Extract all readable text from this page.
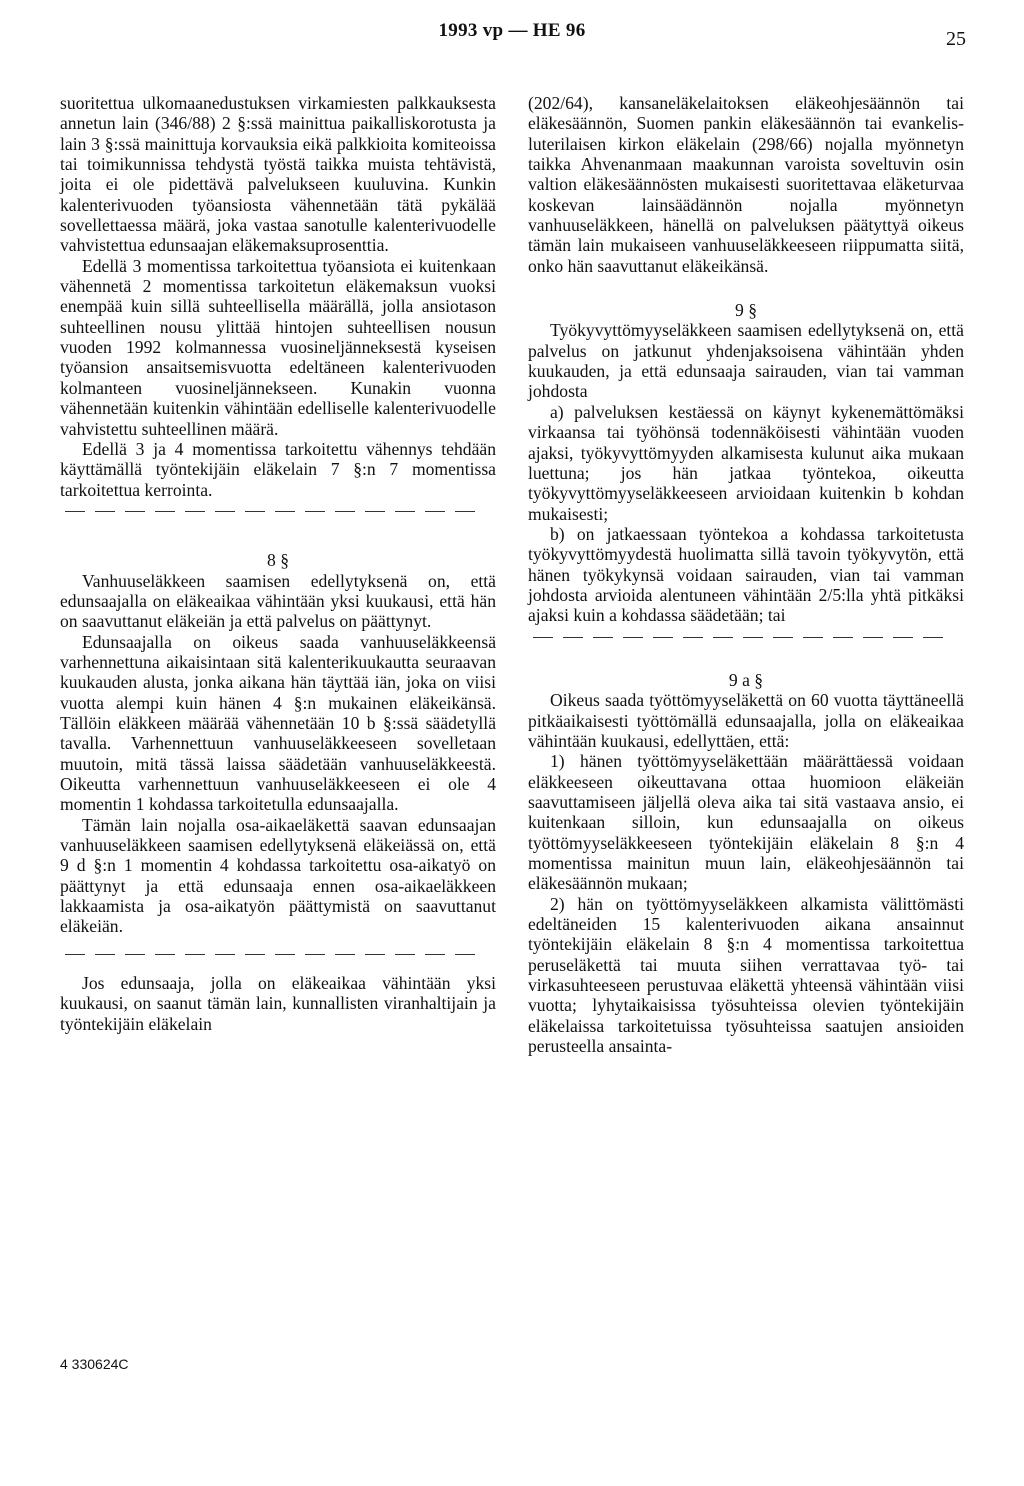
1993 vp — HE 96	25

suoritettua ulkomaanedustuksen virkamiesten palkkauksesta annetun lain (346/88) 2 §:ssä mainittua paikalliskorotusta ja lain 3 §:ssä mainittuja korvauksia eikä palkkioita komiteoissa tai toimikunnissa tehdystä työstä taikka muista tehtävistä, joita ei ole pidettävä palvelukseen kuuluvina. Kunkin kalenterivuoden työansiosta vähennetään tätä pykälää sovellettaessa määrä, joka vastaa sanotulle kalenterivuodelle vahvistettua edunsaajan eläkemaksuprosenttia.

Edellä 3 momentissa tarkoitettua työansiota ei kuitenkaan vähennetä 2 momentissa tarkoitetun eläkemaksun vuoksi enempää kuin sillä suhteellisella määrällä, jolla ansiotason suhteellinen nousu ylittää hintojen suhteellisen nousun vuoden 1992 kolmannessa vuosineljänneksestä kyseisen työansion ansaitsemisvuotta edeltäneen kalenterivuoden kolmanteen vuosineljännekseen. Kunakin vuonna vähennetään kuitenkin vähintään edelliselle kalenterivuodelle vahvistettu suhteellinen määrä.

Edellä 3 ja 4 momentissa tarkoitettu vähennys tehdään käyttämällä työntekijäin eläkelain 7 §:n 7 momentissa tarkoitettua kerrointa.

8 §

Vanhuuseläkkeen saamisen edellytyksenä on, että edunsaajalla on eläkeaikaa vähintään yksi kuukausi, että hän on saavuttanut eläkeiän ja että palvelus on päättynyt.

Edunsaajalla on oikeus saada vanhuuseläkkeensä varhennettuna aikaisintaan sitä kalenterikuukautta seuraavan kuukauden alusta, jonka aikana hän täyttää iän, joka on viisi vuotta alempi kuin hänen 4 §:n mukainen eläkeikänsä. Tällöin eläkkeen määrää vähennetään 10 b §:ssä säädetyllä tavalla. Varhennettuun vanhuuseläkkeeseen sovelletaan muutoin, mitä tässä laissa säädetään vanhuuseläkkeestä. Oikeutta varhennettuun vanhuuseläkkeeseen ei ole 4 momentin 1 kohdassa tarkoitetulla edunsaajalla.

Tämän lain nojalla osa-aikaeläkettä saavan edunsaajan vanhuuseläkkeen saamisen edellytyksenä eläkeiässä on, että 9 d §:n 1 momentin 4 kohdassa tarkoitettu osa-aikatyö on päättynyt ja että edunsaaja ennen osa-aikaeläkkeen lakkaamista ja osa-aikatyön päättymistä on saavuttanut eläkeiän.

Jos edunsaaja, jolla on eläkeaikaa vähintään yksi kuukausi, on saanut tämän lain, kunnallisten viranhaltijain ja työntekijäin eläkelain

(202/64), kansaneläkelaitoksen eläkeohjesäännön tai eläkesäännön, Suomen pankin eläkesäännön tai evankelis-luterilaisen kirkon eläkelain (298/66) nojalla myönnetyn taikka Ahvenanmaan maakunnan varoista soveltuvin osin valtion eläkesäännösten mukaisesti suoritettavaa eläketurvaa koskevan lainsäädännön nojalla myönnetyn vanhuuseläkkeen, hänellä on palveluksen päätyttyä oikeus tämän lain mukaiseen vanhuuseläkkeeseen riippumatta siitä, onko hän saavuttanut eläkeikänsä.

9 §

Työkyvyttömyyseläkkeen saamisen edellytyksenä on, että palvelus on jatkunut yhdenjaksoisena vähintään yhden kuukauden, ja että edunsaaja sairauden, vian tai vamman johdosta

a) palveluksen kestäessä on käynyt kykenemättömäksi virkaansa tai työhönsä todennäköisesti vähintään vuoden ajaksi, työkyvyttömyyden alkamisesta kulunut aika mukaan luettuna; jos hän jatkaa työntekoa, oikeutta työkyvyttömyyseläkkeeseen arvioidaan kuitenkin b kohdan mukaisesti;

b) on jatkaessaan työntekoa a kohdassa tarkoitetusta työkyvyttömyydestä huolimatta sillä tavoin työkyvytön, että hänen työkykynsä voidaan sairauden, vian tai vamman johdosta arvioida alentuneen vähintään 2/5:lla yhtä pitkäksi ajaksi kuin a kohdassa säädetään; tai

9 a §

Oikeus saada työttömyyseläkettä on 60 vuotta täyttäneellä pitkäaikaisesti työttömällä edunsaajalla, jolla on eläkeaikaa vähintään kuukausi, edellyttäen, että:

1) hänen työttömyyseläkettään määrättäessä voidaan eläkkeeseen oikeuttavana ottaa huomioon eläkeiän saavuttamiseen jäljellä oleva aika tai sitä vastaava ansio, ei kuitenkaan silloin, kun edunsaajalla on oikeus työttömyyseläkkeeseen työntekijäin eläkelain 8 §:n 4 momentissa mainitun muun lain, eläkeohjesäännön tai eläkesäännön mukaan;

2) hän on työttömyyseläkkeen alkamista välittömästi edeltäneiden 15 kalenterivuoden aikana ansainnut työntekijäin eläkelain 8 §:n 4 momentissa tarkoitettua peruseläkettä tai muuta siihen verrattavaa työ- tai virkasuhteeseen perustuvaa eläkettä yhteensä vähintään viisi vuotta; lyhytaikaisissa työsuhteissa olevien työntekijäin eläkelaissa tarkoitetuissa työsuhteissa saatujen ansioiden perusteella ansainta-

4 330624C
